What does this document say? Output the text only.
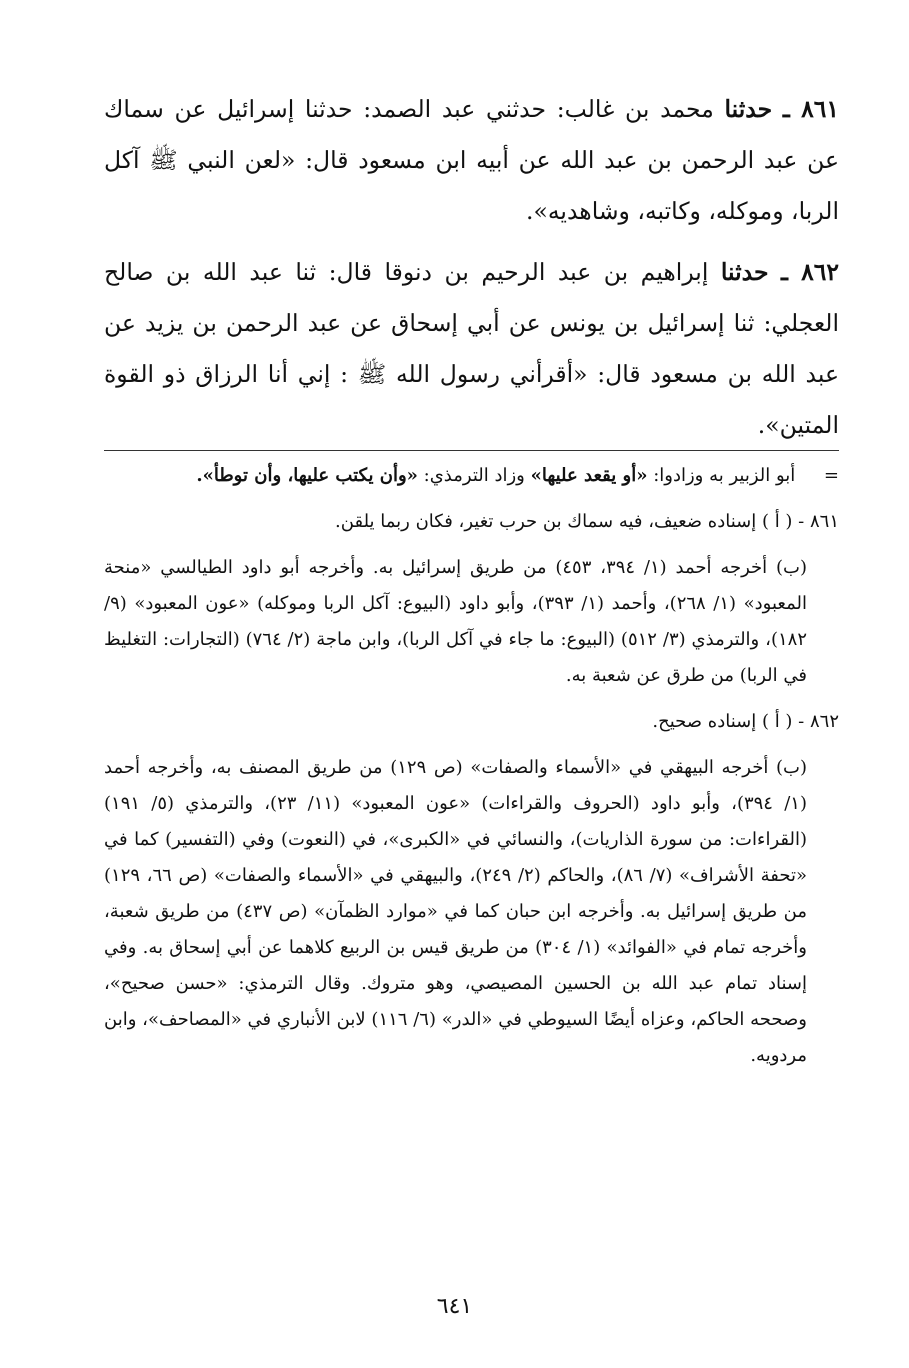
٨٦١ ـ حدثنا محمد بن غالب: حدثني عبد الصمد: حدثنا إسرائيل عن سماك عن عبد الرحمن بن عبد الله عن أبيه ابن مسعود قال: «لعن النبي ﷺ آكل الربا، وموكله، وكاتبه، وشاهديه».

٨٦٢ ـ حدثنا إبراهيم بن عبد الرحيم بن دنوقا قال: ثنا عبد الله بن صالح العجلي: ثنا إسرائيل بن يونس عن أبي إسحاق عن عبد الرحمن بن يزيد عن عبد الله بن مسعود قال: «أقرأني رسول الله ﷺ : إني أنا الرزاق ذو القوة المتين».

=     أبو الزبير به وزادوا: «أو يقعد عليها» وزاد الترمذي: «وأن يكتب عليها، وأن توطأ».

٨٦١ - ( أ ) إسناده ضعيف، فيه سماك بن حرب تغير، فكان ربما يلقن.

(ب) أخرجه أحمد (١/ ٣٩٤، ٤٥٣) من طريق إسرائيل به. وأخرجه أبو داود الطيالسي «منحة المعبود» (١/ ٢٦٨)، وأحمد (١/ ٣٩٣)، وأبو داود (البيوع: آكل الربا وموكله) «عون المعبود» (٩/ ١٨٢)، والترمذي (٣/ ٥١٢) (البيوع: ما جاء في آكل الربا)، وابن ماجة (٢/ ٧٦٤) (التجارات: التغليظ في الربا) من طرق عن شعبة به.

٨٦٢ - ( أ ) إسناده صحيح.

(ب) أخرجه البيهقي في «الأسماء والصفات» (ص ١٢٩) من طريق المصنف به، وأخرجه أحمد (١/ ٣٩٤)، وأبو داود (الحروف والقراءات) «عون المعبود» (١١/ ٢٣)، والترمذي (٥/ ١٩١) (القراءات: من سورة الذاريات)، والنسائي في «الكبرى»، في (النعوت) وفي (التفسير) كما في «تحفة الأشراف» (٧/ ٨٦)، والحاكم (٢/ ٢٤٩)، والبيهقي في «الأسماء والصفات» (ص ٦٦، ١٢٩) من طريق إسرائيل به. وأخرجه ابن حبان كما في «موارد الظمآن» (ص ٤٣٧) من طريق شعبة، وأخرجه تمام في «الفوائد» (١/ ٣٠٤) من طريق قيس بن الربيع كلاهما عن أبي إسحاق به. وفي إسناد تمام عبد الله بن الحسين المصيصي، وهو متروك. وقال الترمذي: «حسن صحيح»، وصححه الحاكم، وعزاه أيضًا السيوطي في «الدر» (٦/ ١١٦) لابن الأنباري في «المصاحف»، وابن مردويه.

٦٤١
